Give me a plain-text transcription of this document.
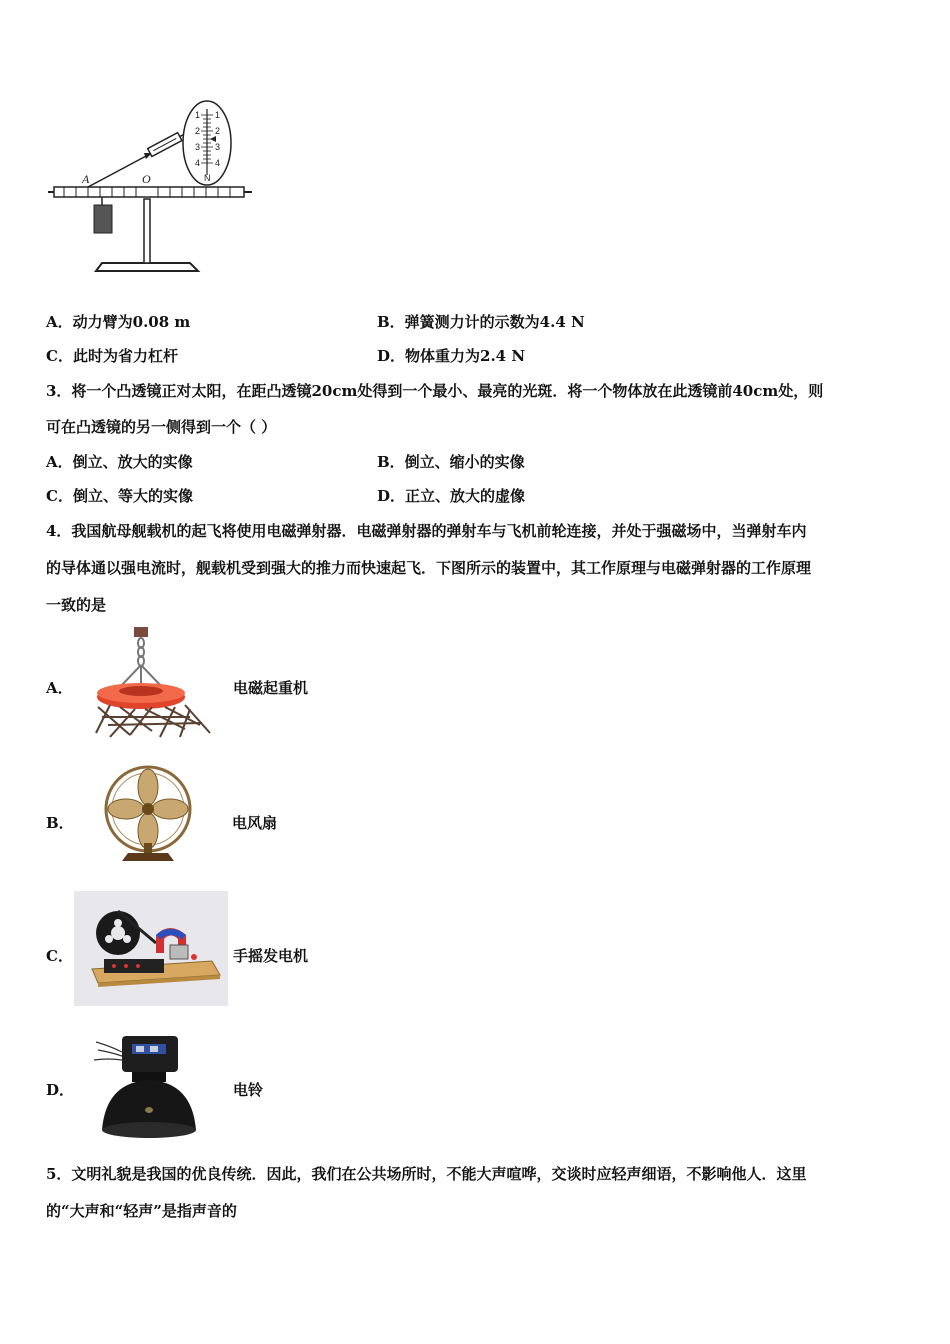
1
2
3
4
1
2
3
4
N
A	O
A．动力臂为0.08 m	B．弹簧测力计的示数为4.4 N
C．此时为省力杠杆	D．物体重力为2.4 N
3．将一个凸透镜正对太阳，在距凸透镜20cm处得到一个最小、最亮的光斑．将一个物体放在此透镜前40cm处，则
可在凸透镜的另一侧得到一个（ ）
A．倒立、放大的实像	B．倒立、缩小的实像
C．倒立、等大的实像	D．正立、放大的虚像
4．我国航母舰载机的起飞将使用电磁弹射器．电磁弹射器的弹射车与飞机前轮连接，并处于强磁场中，当弹射车内
的导体通以强电流时，舰载机受到强大的推力而快速起飞．下图所示的装置中，其工作原理与电磁弹射器的工作原理
一致的是
A．	电磁起重机
B．	电风扇
C．	手摇发电机
D．	电铃
5．文明礼貌是我国的优良传统．因此，我们在公共场所时，不能大声喧哗，交谈时应轻声细语，不影响他人．这里
的“大声和“轻声”是指声音的
